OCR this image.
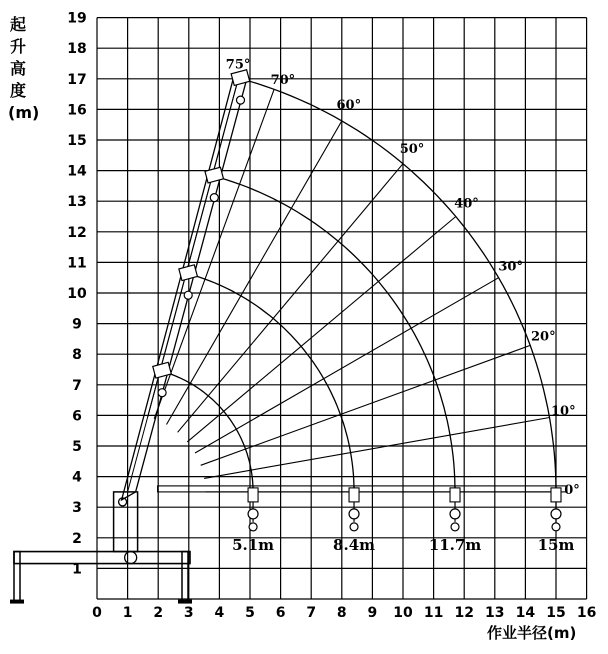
起升高度(m)
作业半径(m)
0 1 2 3 4 5 6 7 8 9 10 11 12 13 14 15 16
1
2
3
4
5
6
7
8
9
10
11
12
13
14
15
16
17
18
19
75°
70°
60°
50°
40°
30°
20°
10°
0°
5.1m	8.4m	11.7m	15m
